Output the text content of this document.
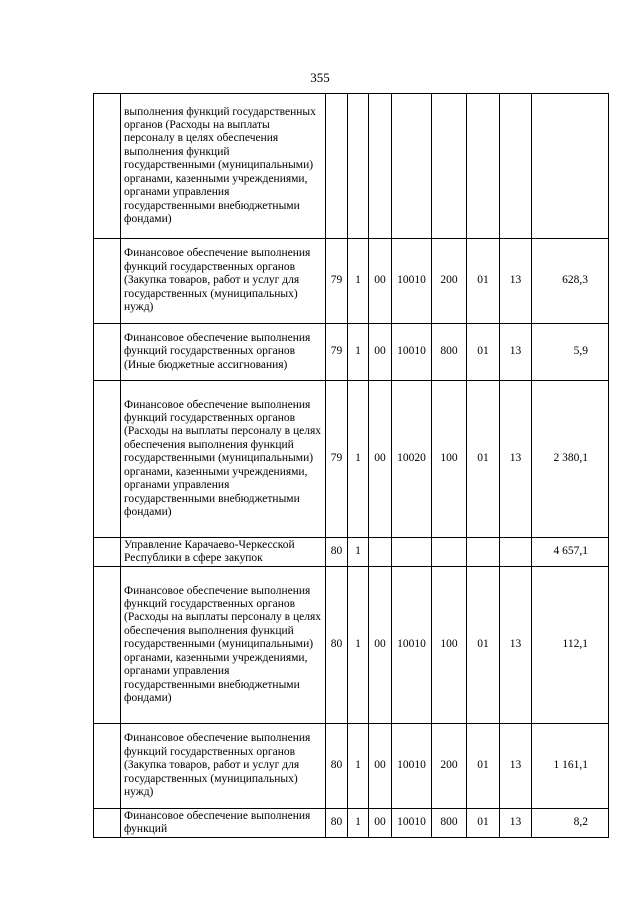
355
	выполнения функций государственных органов (Расходы на выплаты персоналу в целях обеспечения выполнения функций государственными (муниципальными) органами, казенными учреждениями, органами управления государственными внебюджетными фондами)								
	Финансовое обеспечение выполнения функций государственных органов (Закупка товаров, работ и услуг для государственных (муниципальных) нужд)	79	1	00	10010	200	01	13	628,3
	Финансовое обеспечение выполнения функций государственных органов (Иные бюджетные ассигнования)	79	1	00	10010	800	01	13	5,9
	Финансовое обеспечение выполнения функций государственных органов (Расходы на выплаты персоналу в целях обеспечения выполнения функций государственными (муниципальными) органами, казенными учреждениями, органами управления государственными внебюджетными фондами)	79	1	00	10020	100	01	13	2 380,1
	Управление Карачаево-Черкесской Республики в сфере закупок	80	1						4 657,1
	Финансовое обеспечение выполнения функций государственных органов (Расходы на выплаты персоналу в целях обеспечения выполнения функций государственными (муниципальными) органами, казенными учреждениями, органами управления государственными внебюджетными фондами)	80	1	00	10010	100	01	13	112,1
	Финансовое обеспечение выполнения функций государственных органов (Закупка товаров, работ и услуг для государственных (муниципальных) нужд)	80	1	00	10010	200	01	13	1 161,1
	Финансовое обеспечение выполнения функций	80	1	00	10010	800	01	13	8,2
